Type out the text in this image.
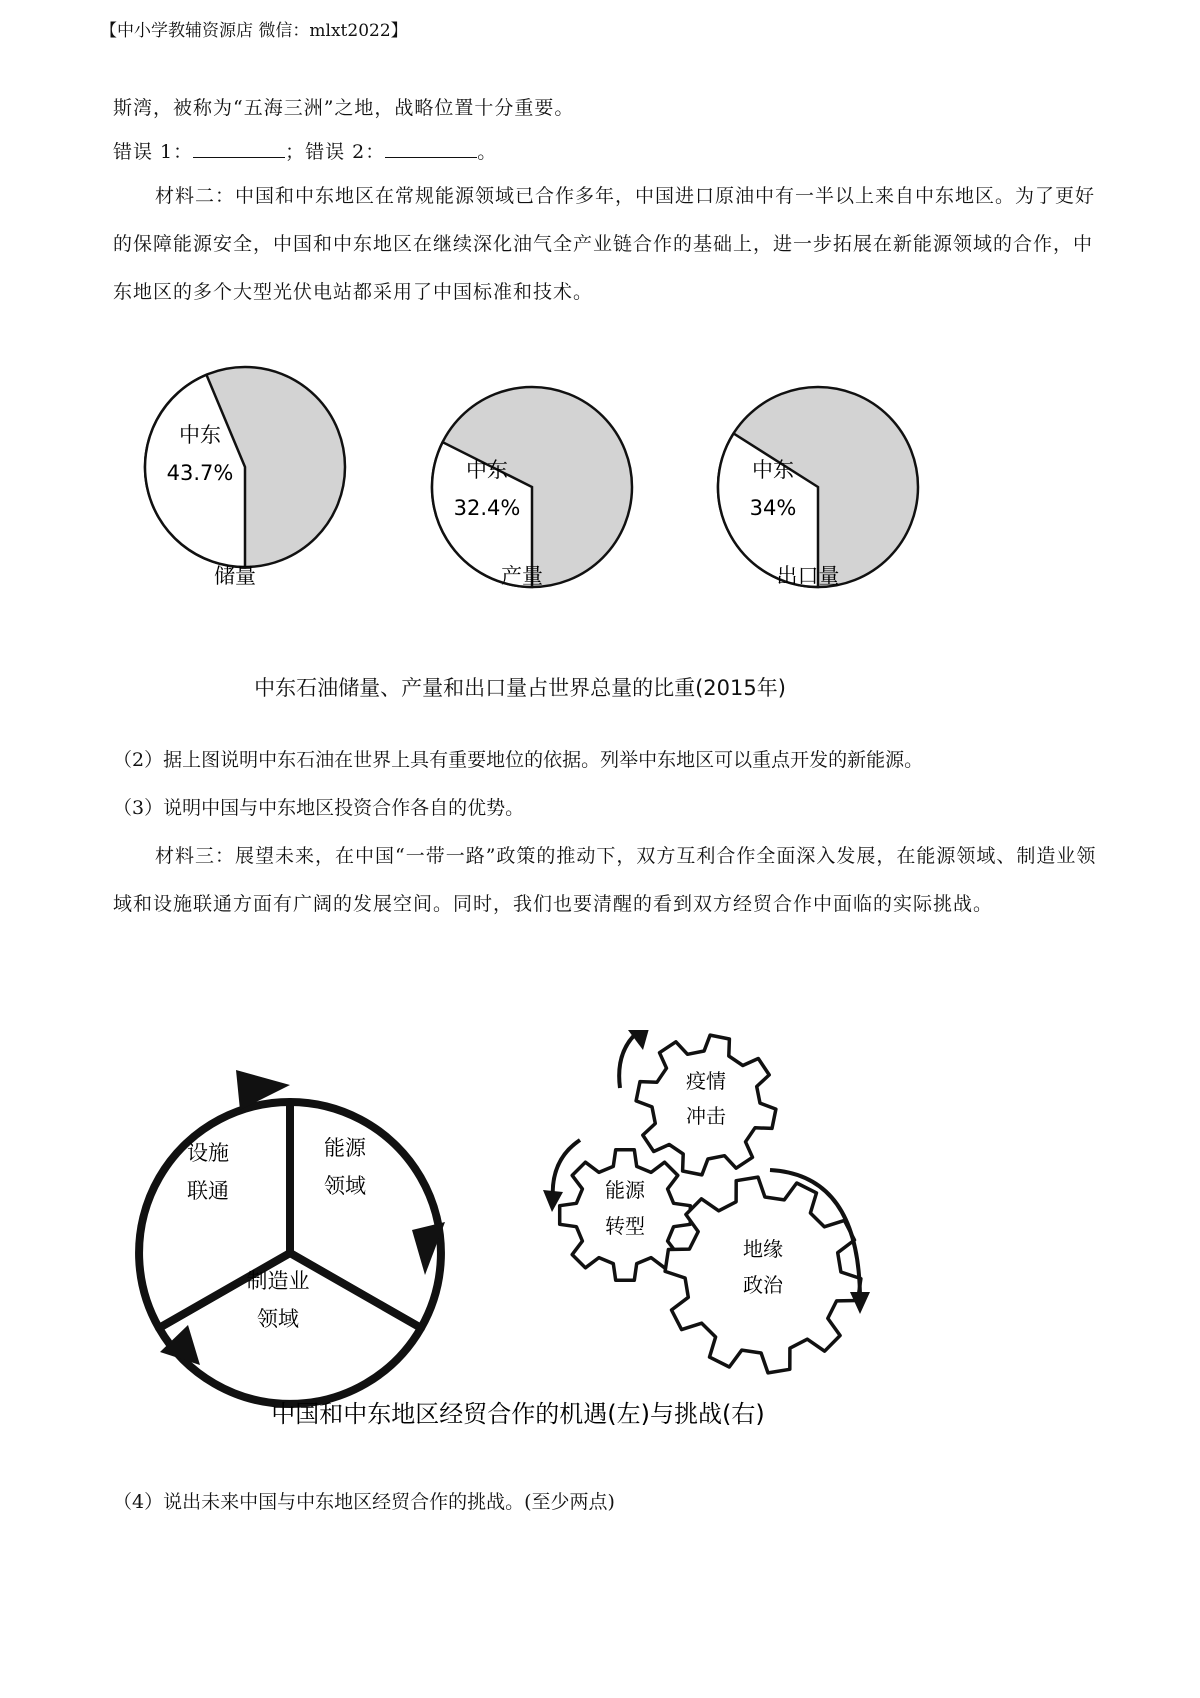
【中小学教辅资源店 微信：mlxt2022】
斯湾，被称为“五海三洲”之地，战略位置十分重要。
错误 1：	；错误 2：	。
材料二：中国和中东地区在常规能源领域已合作多年，中国进口原油中有一半以上来自中东地区。为了更好的保障能源安全，中国和中东地区在继续深化油气全产业链合作的基础上，进一步拓展在新能源领域的合作，中东地区的多个大型光伏电站都采用了中国标准和技术。
中东
43.7%
储量
中东
32.4%
产量
中东
34%
出口量
中东石油储量、产量和出口量占世界总量的比重(2015年)
（2）据上图说明中东石油在世界上具有重要地位的依据。列举中东地区可以重点开发的新能源。
（3）说明中国与中东地区投资合作各自的优势。
材料三：展望未来，在中国“一带一路”政策的推动下，双方互利合作全面深入发展，在能源领域、制造业领域和设施联通方面有广阔的发展空间。同时，我们也要清醒的看到双方经贸合作中面临的实际挑战。
设施
联通
能源
领域
制造业
领域
疫情
冲击
能源
转型
地缘
政治
中国和中东地区经贸合作的机遇(左)与挑战(右)
（4）说出未来中国与中东地区经贸合作的挑战。(至少两点)
